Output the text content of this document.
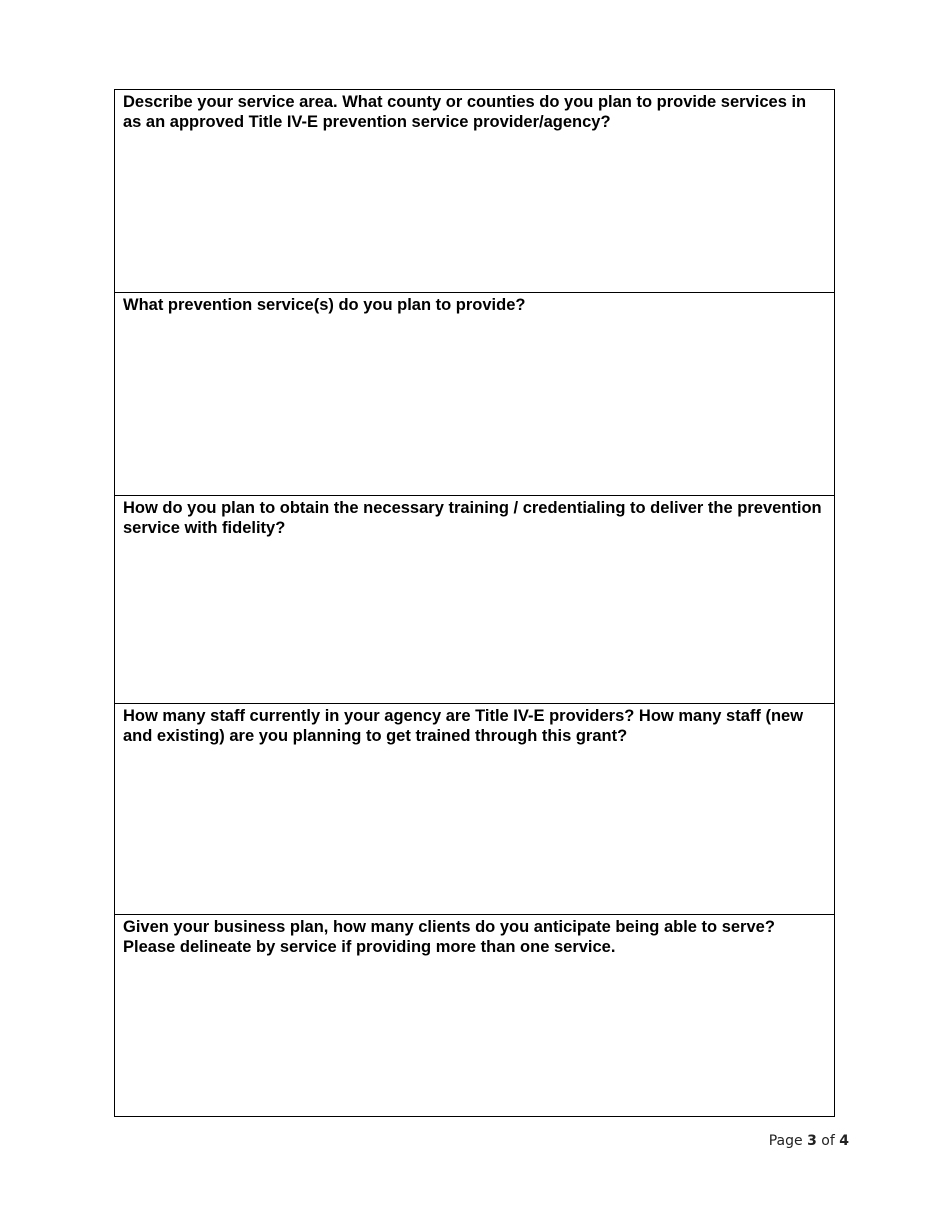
Describe your service area. What county or counties do you plan to provide services in as an approved Title IV-E prevention service provider/agency?

What prevention service(s) do you plan to provide?

How do you plan to obtain the necessary training / credentialing to deliver the prevention service with fidelity?

How many staff currently in your agency are Title IV-E providers? How many staff (new and existing) are you planning to get trained through this grant?

Given your business plan, how many clients do you anticipate being able to serve? Please delineate by service if providing more than one service.

Page 3 of 4
